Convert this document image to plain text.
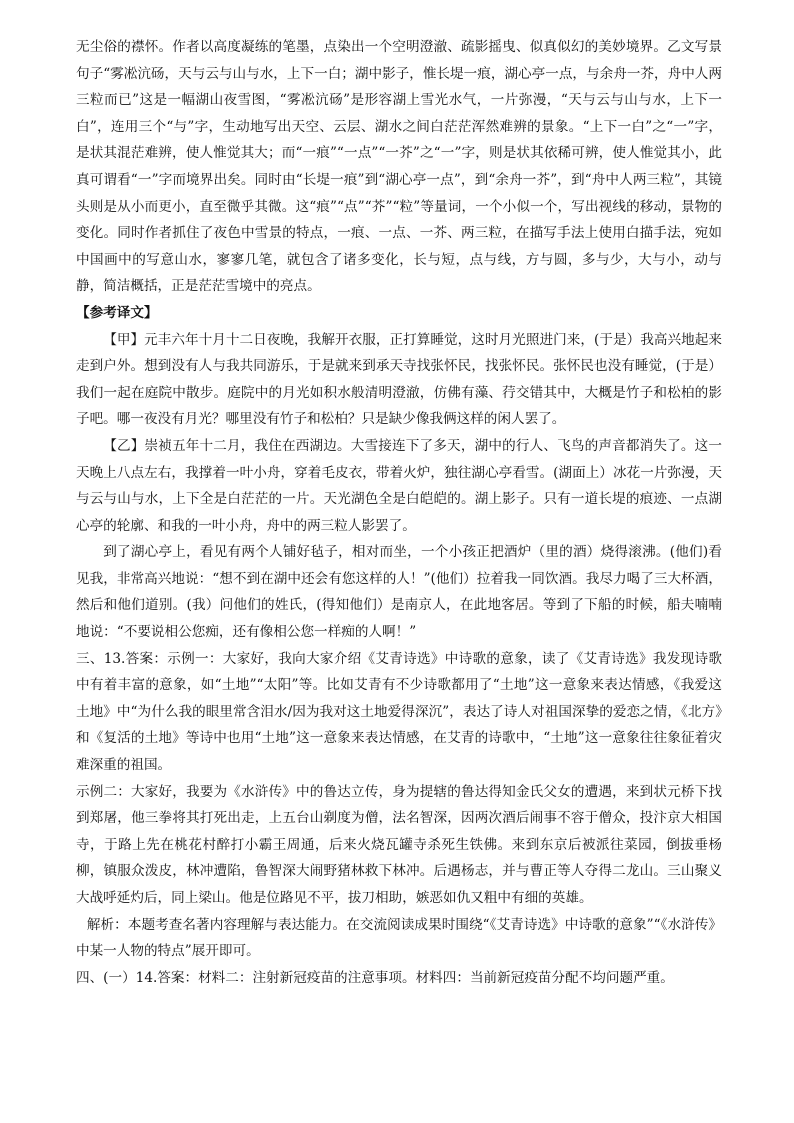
无尘俗的襟怀。作者以高度凝练的笔墨，点染出一个空明澄澈、疏影摇曳、似真似幻的美妙境界。乙文写景句子“雾凇沆砀，天与云与山与水，上下一白；湖中影子，惟长堤一痕，湖心亭一点，与余舟一芥，舟中人两三粒而已”这是一幅湖山夜雪图，“雾凇沆砀”是形容湖上雪光水气，一片弥漫，“天与云与山与水，上下一白”，连用三个“与”字，生动地写出天空、云层、湖水之间白茫茫浑然难辨的景象。“上下一白”之“一”字，是状其混茫难辨，使人惟觉其大；而“一痕”“一点”“一芥”之“一”字，则是状其依稀可辨，使人惟觉其小，此真可谓看“一”字而境界出矣。同时由“长堤一痕”到“湖心亭一点”，到“余舟一芥”，到“舟中人两三粒”，其镜头则是从小而更小，直至微乎其微。这“痕”“点”“芥”“粒”等量词，一个小似一个，写出视线的移动，景物的变化。同时作者抓住了夜色中雪景的特点，一痕、一点、一芥、两三粒，在描写手法上使用白描手法，宛如中国画中的写意山水，寥寥几笔，就包含了诸多变化，长与短，点与线，方与圆，多与少，大与小，动与静，简洁概括，正是茫茫雪境中的亮点。

【参考译文】

【甲】元丰六年十月十二日夜晚，我解开衣服，正打算睡觉，这时月光照进门来，(于是）我高兴地起来走到户外。想到没有人与我共同游乐，于是就来到承天寺找张怀民，找张怀民。张怀民也没有睡觉，(于是）我们一起在庭院中散步。庭院中的月光如积水般清明澄澈，仿佛有藻、荇交错其中，大概是竹子和松柏的影子吧。哪一夜没有月光？哪里没有竹子和松柏？只是缺少像我俩这样的闲人罢了。

【乙】崇祯五年十二月，我住在西湖边。大雪接连下了多天，湖中的行人、飞鸟的声音都消失了。这一天晚上八点左右，我撑着一叶小舟，穿着毛皮衣，带着火炉，独往湖心亭看雪。(湖面上）冰花一片弥漫，天与云与山与水，上下全是白茫茫的一片。天光湖色全是白皑皑的。湖上影子。只有一道长堤的痕迹、一点湖心亭的轮廓、和我的一叶小舟，舟中的两三粒人影罢了。

到了湖心亭上，看见有两个人铺好毡子，相对而坐，一个小孩正把酒炉（里的酒）烧得滚沸。(他们)看见我，非常高兴地说：“想不到在湖中还会有您这样的人！”(他们）拉着我一同饮酒。我尽力喝了三大杯酒，然后和他们道别。(我）问他们的姓氏，(得知他们）是南京人，在此地客居。等到了下船的时候，船夫喃喃地说：“不要说相公您痴，还有像相公您一样痴的人啊！”

三、13.答案：示例一：大家好，我向大家介绍《艾青诗选》中诗歌的意象，读了《艾青诗选》我发现诗歌中有着丰富的意象，如“土地”“太阳”等。比如艾青有不少诗歌都用了“土地”这一意象来表达情感，《我爱这土地》中“为什么我的眼里常含泪水/因为我对这土地爱得深沉”，表达了诗人对祖国深挚的爱恋之情，《北方》和《复活的土地》等诗中也用“土地”这一意象来表达情感，在艾青的诗歌中，“土地”这一意象往往象征着灾难深重的祖国。

示例二：大家好，我要为《水浒传》中的鲁达立传，身为提辖的鲁达得知金氏父女的遭遇，来到状元桥下找到郑屠，他三拳将其打死出走，上五台山剃度为僧，法名智深，因两次酒后闹事不容于僧众，投汴京大相国寺，于路上先在桃花村醉打小霸王周通，后来火烧瓦罐寺杀死生铁佛。来到东京后被派往菜园，倒拔垂杨柳，镇服众泼皮，林冲遭陷，鲁智深大闹野猪林救下林冲。后遇杨志，并与曹正等人夺得二龙山。三山聚义大战呼延灼后，同上梁山。他是位路见不平，拔刀相助，嫉恶如仇又粗中有细的英雄。

解析：本题考查名著内容理解与表达能力。在交流阅读成果时围绕“《艾青诗选》中诗歌的意象”“《水浒传》中某一人物的特点”展开即可。

四、(一）14.答案：材料二：注射新冠疫苗的注意事项。材料四：当前新冠疫苗分配不均问题严重。
